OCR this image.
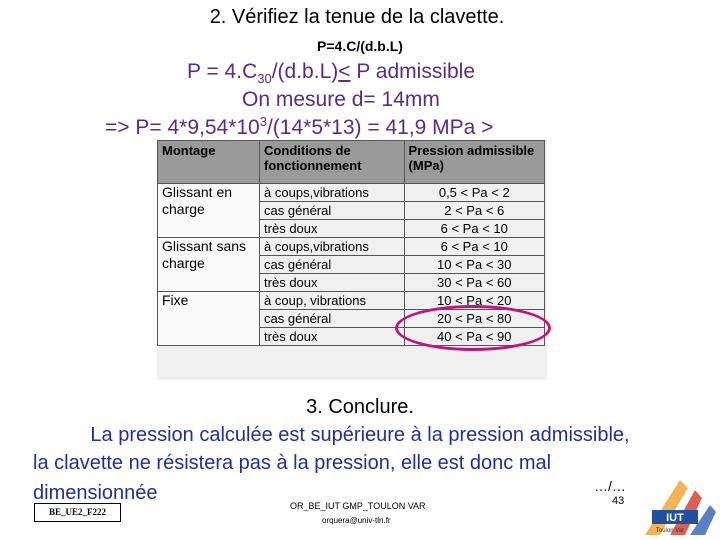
2. Vérifiez la tenue de la clavette.
P=4.C/(d.b.L)
$P = 4.C_{30}/(d.b.L)< P$ admissible
On mesure d= 14mm
=> $P= 4*9,54*10^3/(14*5*13) = 41,9$ MPa >
Montage	Conditions de fonctionnement	Pression admissible (MPa)
Glissant en charge	à coups,vibrations	0,5 < Pa < 2
	cas général	2 < Pa < 6
	très doux	6 < Pa < 10
Glissant sans charge	à coups,vibrations	6 < Pa < 10
	cas général	10 < Pa < 30
	très doux	30 < Pa < 60
Fixe	à coup, vibrations	10 < Pa < 20
	cas général	20 < Pa < 80
	très doux	40 < Pa < 90
3. Conclure.
La pression calculée est supérieure à la pression admissible,
la clavette ne résistera pas à la pression, elle est donc mal
dimensionnée	…/…
43
OR_BE_IUT GMP_TOULON VAR
orquera@univ-tln.fr
BE_UE2_F222	IUT
Toulon Var
